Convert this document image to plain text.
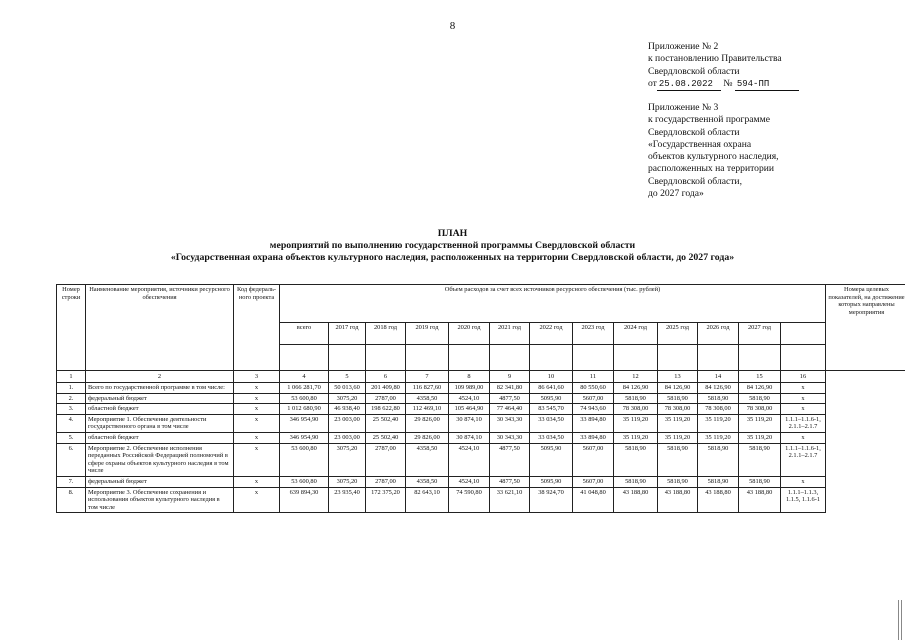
8
Приложение № 2
к постановлению Правительства
Свердловской области
от 25.08.2022 № 594-ПП
Приложение № 3
к государственной программе
Свердловской области
«Государственная охрана
объектов культурного наследия,
расположенных на территории
Свердловской области,
до 2027 года»
ПЛАН
мероприятий по выполнению государственной программы Свердловской области
«Государственная охрана объектов культурного наследия, расположенных на территории Свердловской области, до 2027 года»
Номер строки	Наименование мероприятия, источники ресурсного обеспечения	Код федераль-ного проекта	Объем расходов за счет всех источников ресурсного обеспечения (тыс. рублей)													Номера целевых показателей, на достижение которых направлены мероприятия
			всего	2017 год	2018 год	2019 год	2020 год	2021 год	2022 год	2023 год	2024 год	2025 год	2026 год	2027 год		

1	2	3	4	5	6	7	8	9	10	11	12	13	14	15	16	
1.	Всего по государственной программе в том числе:	х	1 066 281,70	50 013,60	201 409,80	116 827,60	109 989,00	82 341,80	86 641,60	80 550,60	84 126,90	84 126,90	84 126,90	84 126,90	х	
2.	федеральный бюджет	х	53 600,80	3075,20	2787,00	4358,50	4524,10	4877,50	5095,90	5607,00	5818,90	5818,90	5818,90	5818,90	х	
3.	областной бюджет	х	1 012 680,90	46 938,40	198 622,80	112 469,10	105 464,90	77 464,40	83 545,70	74 943,60	78 308,00	78 308,00	78 308,00	78 308,00	х	
4.	Мероприятие 1. Обеспечение деятельности государственного органа в том числе	х	346 954,90	23 003,00	25 502,40	29 826,00	30 874,10	30 343,30	33 034,50	33 894,80	35 119,20	35 119,20	35 119,20	35 119,20	1.1.1–1.1.6-1, 2.1.1–2.1.7	
5.	областной бюджет	х	346 954,90	23 003,00	25 502,40	29 826,00	30 874,10	30 343,30	33 034,50	33 894,80	35 119,20	35 119,20	35 119,20	35 119,20	х	
6.	Мероприятие 2. Обеспечение исполнения переданных Российской Федерацией полномочий в сфере охраны объектов культурного наследия в том числе	х	53 600,80	3075,20	2787,00	4358,50	4524,10	4877,50	5095,90	5607,00	5818,90	5818,90	5818,90	5818,90	1.1.1–1.1.6-1, 2.1.1–2.1.7	
7.	федеральный бюджет	х	53 600,80	3075,20	2787,00	4358,50	4524,10	4877,50	5095,90	5607,00	5818,90	5818,90	5818,90	5818,90	х	
8.	Мероприятие 3. Обеспечение сохранения и использования объектов культурного наследия в том числе	х	639 894,30	23 935,40	172 375,20	82 643,10	74 590,80	33 621,10	38 924,70	41 048,80	43 188,80	43 188,80	43 188,80	43 188,80	1.1.1–1.1.3, 1.1.5, 1.1.6-1	
